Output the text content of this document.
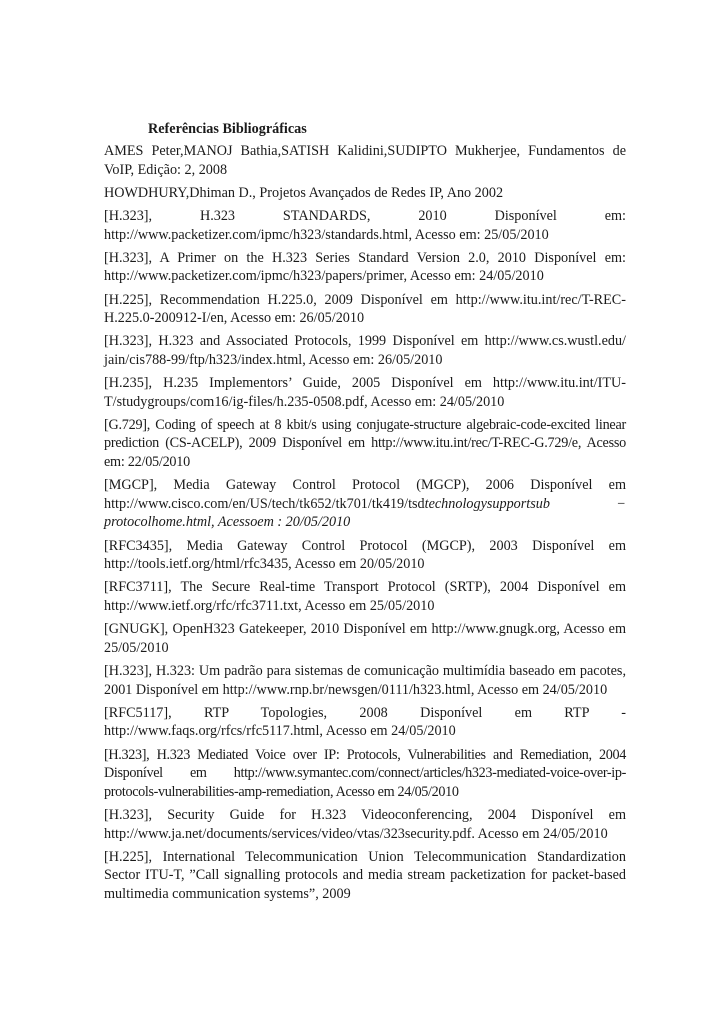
Referências Bibliográficas

AMES Peter,MANOJ Bathia,SATISH Kalidini,SUDIPTO Mukherjee, Fundamentos de VoIP, Edição: 2, 2008

HOWDHURY,Dhiman D., Projetos Avançados de Redes IP, Ano 2002

[H.323], H.323 STANDARDS, 2010 Disponível em: http://www.packetizer.com/ipmc/h323/standards.html, Acesso em: 25/05/2010

[H.323], A Primer on the H.323 Series Standard Version 2.0, 2010 Disponível em: http://www.packetizer.com/ipmc/h323/papers/primer, Acesso em: 24/05/2010

[H.225], Recommendation H.225.0, 2009 Disponível em http://www.itu.int/rec/T-REC-H.225.0-200912-I/en, Acesso em: 26/05/2010

[H.323], H.323 and Associated Protocols, 1999 Disponível em http://www.cs.wustl.edu/ jain/cis788-99/ftp/h323/index.html, Acesso em: 26/05/2010

[H.235], H.235 Implementors’ Guide, 2005 Disponível em http://www.itu.int/ITU-T/studygroups/com16/ig-files/h.235-0508.pdf, Acesso em: 24/05/2010

[G.729], Coding of speech at 8 kbit/s using conjugate-structure algebraic-code-excited linear prediction (CS-ACELP), 2009 Disponível em http://www.itu.int/rec/T-REC-G.729/e, Acesso em: 22/05/2010

[MGCP], Media Gateway Control Protocol (MGCP), 2006 Disponível em http://www.cisco.com/en/US/tech/tk652/tk701/tk419/tsdtechnologysupportsub − protocolhome.html, Acessoem : 20/05/2010

[RFC3435], Media Gateway Control Protocol (MGCP), 2003 Disponível em http://tools.ietf.org/html/rfc3435, Acesso em 20/05/2010

[RFC3711], The Secure Real-time Transport Protocol (SRTP), 2004 Disponível em http://www.ietf.org/rfc/rfc3711.txt, Acesso em 25/05/2010

[GNUGK], OpenH323 Gatekeeper, 2010 Disponível em http://www.gnugk.org, Acesso em 25/05/2010

[H.323], H.323: Um padrão para sistemas de comunicação multimídia baseado em pacotes, 2001 Disponível em http://www.rnp.br/newsgen/0111/h323.html, Acesso em 24/05/2010

[RFC5117], RTP Topologies, 2008 Disponível em RTP - http://www.faqs.org/rfcs/rfc5117.html, Acesso em 24/05/2010

[H.323], H.323 Mediated Voice over IP: Protocols, Vulnerabilities and Remediation, 2004 Disponível em http://www.symantec.com/connect/articles/h323-mediated-voice-over-ip-protocols-vulnerabilities-amp-remediation, Acesso em 24/05/2010

[H.323], Security Guide for H.323 Videoconferencing, 2004 Disponível em http://www.ja.net/documents/services/video/vtas/323security.pdf. Acesso em 24/05/2010

[H.225], International Telecommunication Union Telecommunication Standardization Sector ITU-T, ”Call signalling protocols and media stream packetization for packet-based multimedia communication systems”, 2009
